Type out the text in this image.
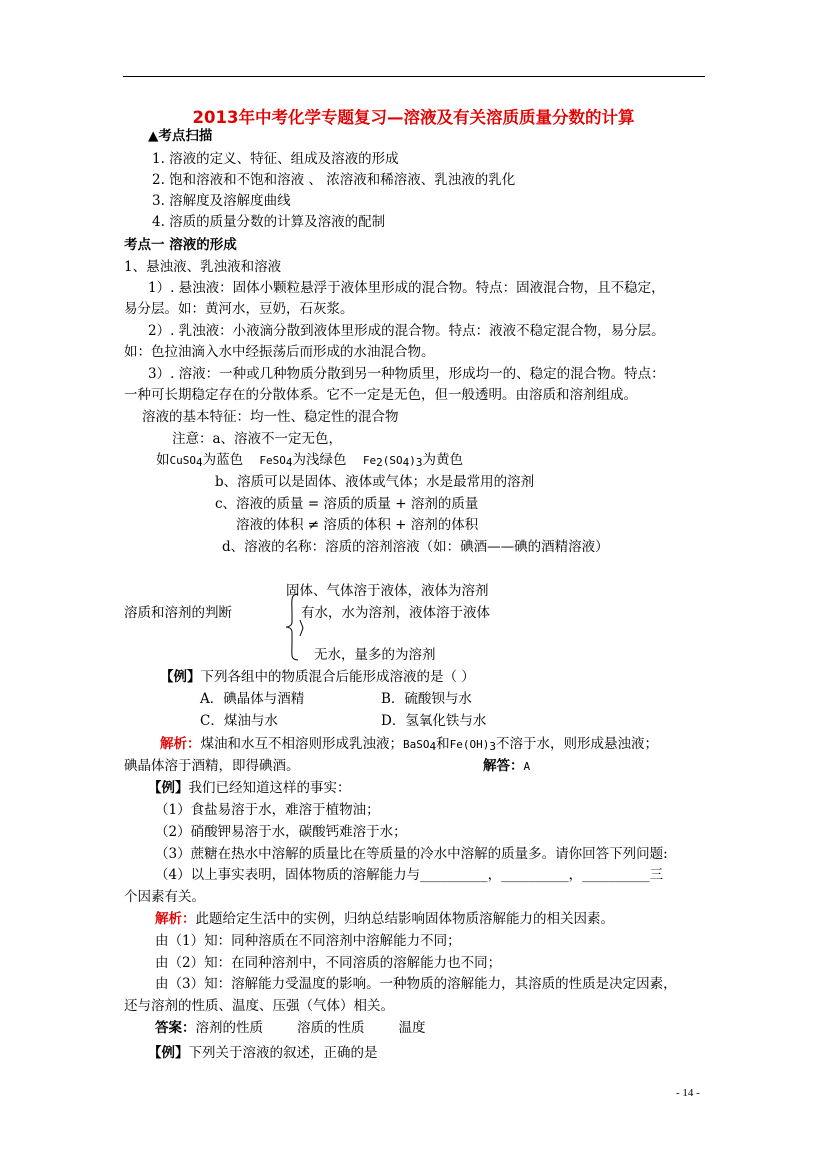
2013年中考化学专题复习—溶液及有关溶质质量分数的计算
▲考点扫描
1. 溶液的定义、特征、组成及溶液的形成
2. 饱和溶液和不饱和溶液 、 浓溶液和稀溶液、乳浊液的乳化
3. 溶解度及溶解度曲线
4. 溶质的质量分数的计算及溶液的配制
考点一 溶液的形成
1、悬浊液、乳浊液和溶液
1）. 悬浊液：固体小颗粒悬浮于液体里形成的混合物。特点：固液混合物，且不稳定，
易分层。如：黄河水，豆奶，石灰浆。
2）. 乳浊液：小液滴分散到液体里形成的混合物。特点：液液不稳定混合物，易分层。
如：色拉油滴入水中经振荡后而形成的水油混合物。
3）. 溶液：一种或几种物质分散到另一种物质里，形成均一的、稳定的混合物。特点：
一种可长期稳定存在的分散体系。它不一定是无色，但一般透明。由溶质和溶剂组成。
溶液的基本特征：均一性、稳定性的混合物
注意：a、溶液不一定无色，
如CuSO$_4$为蓝色 FeSO$_4$为浅绿色 $Fe_2(SO_4)_3$为黄色
b、溶质可以是固体、液体或气体；水是最常用的溶剂
c、溶液的质量 = 溶质的质量 + 溶剂的质量
溶液的体积 ≠ 溶质的体积 + 溶剂的体积
d、溶液的名称：溶质的溶剂溶液（如：碘酒——碘的酒精溶液）
固体、气体溶于液体，液体为溶剂
溶质和溶剂的判断	有水，水为溶剂，液体溶于液体
无水，量多的为溶剂
【例】下列各组中的物质混合后能形成溶液的是（ ）
A．碘晶体与酒精	B．硫酸钡与水
C．煤油与水	D．氢氧化铁与水
解析：煤油和水互不相溶则形成乳浊液；BaSO$_4$和$Fe(OH)_3$不溶于水，则形成悬浊液；
碘晶体溶于酒精，即得碘酒。	解答：A
【例】我们已经知道这样的事实：
（1）食盐易溶于水，难溶于植物油；
（2）硝酸钾易溶于水，碳酸钙难溶于水；
（3）蔗糖在热水中溶解的质量比在等质量的冷水中溶解的质量多。请你回答下列问题:
（4）以上事实表明，固体物质的溶解能力与__________，__________，__________三
个因素有关。
解析：此题给定生活中的实例，归纳总结影响固体物质溶解能力的相关因素。
由（1）知：同种溶质在不同溶剂中溶解能力不同；
由（2）知：在同种溶剂中，不同溶质的溶解能力也不同；
由（3）知：溶解能力受温度的影响。一种物质的溶解能力，其溶质的性质是决定因素，
还与溶剂的性质、温度、压强（气体）相关。
答案：溶剂的性质	溶质的性质	温度
【例】下列关于溶液的叙述，正确的是
- 14 -
